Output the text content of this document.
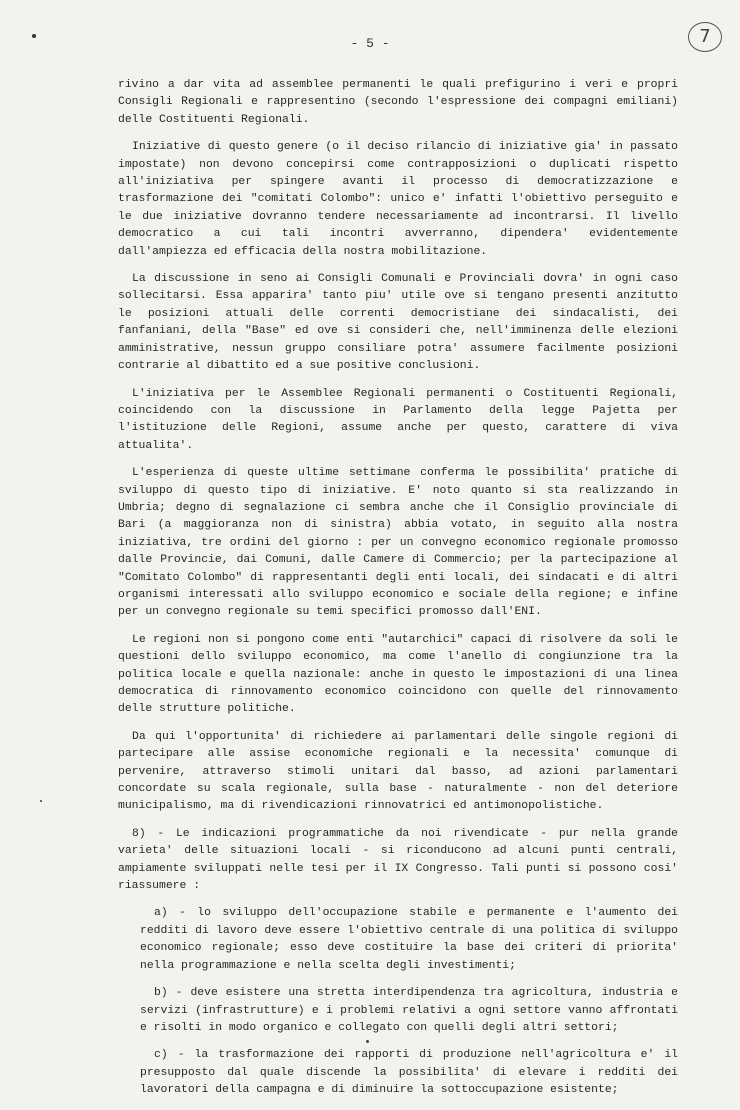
- 5 -	7

rivino a dar vita ad assemblee permanenti le quali prefigurino i veri e propri Consigli Regionali e rappresentino (secondo l'espressione dei compagni emiliani) delle Costituenti Regionali.

Iniziative di questo genere (o il deciso rilancio di iniziative gia' in passato impostate) non devono concepirsi come contrapposizioni o duplicati rispetto all'iniziativa per spingere avanti il processo di democratizzazione e trasformazione dei "comitati Colombo": unico e' infatti l'obiettivo perseguito e le due iniziative dovranno tendere necessariamente ad incontrarsi. Il livello democratico a cui tali incontri avverranno, dipendera' evidentemente dall'ampiezza ed efficacia della nostra mobilitazione.

La discussione in seno ai Consigli Comunali e Provinciali dovra' in ogni caso sollecitarsi. Essa apparira' tanto piu' utile ove si tengano presenti anzitutto le posizioni attuali delle correnti democristiane dei sindacalisti, dei fanfaniani, della "Base" ed ove si consideri che, nell'imminenza delle elezioni amministrative, nessun gruppo consiliare potra' assumere facilmente posizioni contrarie al dibattito ed a sue positive conclusioni.

L'iniziativa per le Assemblee Regionali permanenti o Costituenti Regionali, coincidendo con la discussione in Parlamento della legge Pajetta per l'istituzione delle Regioni, assume anche per questo, carattere di viva attualita'.

L'esperienza di queste ultime settimane conferma le possibilita' pratiche di sviluppo di questo tipo di iniziative. E' noto quanto si sta realizzando in Umbria; degno di segnalazione ci sembra anche che il Consiglio provinciale di Bari (a maggioranza non di sinistra) abbia votato, in seguito alla nostra iniziativa, tre ordini del giorno : per un convegno economico regionale promosso dalle Provincie, dai Comuni, dalle Camere di Commercio; per la partecipazione al "Comitato Colombo" di rappresentanti degli enti locali, dei sindacati e di altri organismi interessati allo sviluppo economico e sociale della regione; e infine per un convegno regionale su temi specifici promosso dall'ENI.

Le regioni non si pongono come enti "autarchici" capaci di risolvere da soli le questioni dello sviluppo economico, ma come l'anello di congiunzione tra la politica locale e quella nazionale: anche in questo le impostazioni di una linea democratica di rinnovamento economico coincidono con quelle del rinnovamento delle strutture politiche.

Da qui l'opportunita' di richiedere ai parlamentari delle singole regioni di partecipare alle assise economiche regionali e la necessita' comunque di pervenire, attraverso stimoli unitari dal basso, ad azioni parlamentari concordate su scala regionale, sulla base - naturalmente - non del deteriore municipalismo, ma di rivendicazioni rinnovatrici ed antimonopolistiche.

8) - Le indicazioni programmatiche da noi rivendicate - pur nella grande varieta' delle situazioni locali - si riconducono ad alcuni punti centrali, ampiamente sviluppati nelle tesi per il IX Congresso. Tali punti si possono cosi' riassumere :

a) - lo sviluppo dell'occupazione stabile e permanente e l'aumento dei redditi di lavoro deve essere l'obiettivo centrale di una politica di sviluppo economico regionale; esso deve costituire la base dei criteri di priorita' nella programmazione e nella scelta degli investimenti;

b) - deve esistere una stretta interdipendenza tra agricoltura, industria e servizi (infrastrutture) e i problemi relativi a ogni settore vanno affrontati e risolti in modo organico e collegato con quelli degli altri settori;

c) - la trasformazione dei rapporti di produzione nell'agricoltura e' il presupposto dal quale discende la possibilita' di elevare i redditi dei lavoratori della campagna e di diminuire la sottoccupazione esistente;
